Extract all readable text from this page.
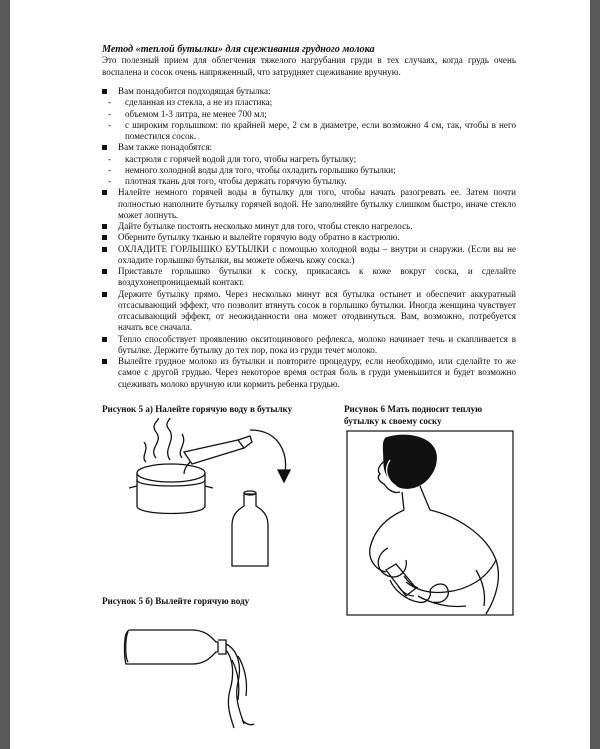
Метод «теплой бутылки» для сцеживания грудного молока
Это полезный прием для облегчения тяжелого нагрубания груди в тех случаях, когда грудь очень воспалена и сосок очень напряженный, что затрудняет сцеживание вручную.
Вам понадобится подходящая бутылка:
- сделанная из стекла, а не из пластика;
- объемом 1-3 литра, не менее 700 мл;
- с широким горлышком: по крайней мере, 2 см в диаметре, если возможно 4 см, так, чтобы в него поместился сосок.
Вам также понадобятся:
- кастрюля с горячей водой для того, чтобы нагреть бутылку;
- немного холодной воды для того, чтобы охладить горлышко бутылки;
- плотная ткань для того, чтобы держать горячую бутылку.
Налейте немного горячей воды в бутылку для того, чтобы начать разогревать ее. Затем почти полностью наполните бутылку горячей водой. Не заполняйте бутылку слишком быстро, иначе стекло может лопнуть.
Дайте бутылке постоять несколько минут для того, чтобы стекло нагрелось.
Оберните бутылку тканью и вылейте горячую воду обратно в кастрюлю.
ОХЛАДИТЕ ГОРЛЫШКО БУТЫЛКИ с помощью холодной воды – внутри и снаружи. (Если вы не охладите горлышко бутылки, вы можете обжечь кожу соска.)
Приставьте горлышко бутылки к соску, прикасаясь к коже вокруг соска, и сделайте воздухонепроницаемый контакт.
Держите бутылку прямо. Через несколько минут вся бутылка остынет и обеспечит аккуратный отсасывающий эффект, что позволит втянуть сосок в горлышко бутылки. Иногда женщина чувствует отсасывающий эффект, от неожиданности она может отодвинуться. Вам, возможно, потребуется начать все сначала.
Тепло способствует проявлению окситоцинового рефлекса, молоко начинает течь и скапливается в бутылке. Держите бутылку до тех пор, пока из груди течет молоко.
Вылейте грудное молоко из бутылки и повторите процедуру, если необходимо, или сделайте то же самое с другой грудью. Через некоторое время острая боль в груди уменьшится и будет возможно сцеживать молоко вручную или кормить ребенка грудью.
Рисунок 5 а) Налейте горячую воду в бутылку	Рисунок 6 Мать подносит теплую бутылку к своему соску
Рисунок 5 б) Вылейте горячую воду
